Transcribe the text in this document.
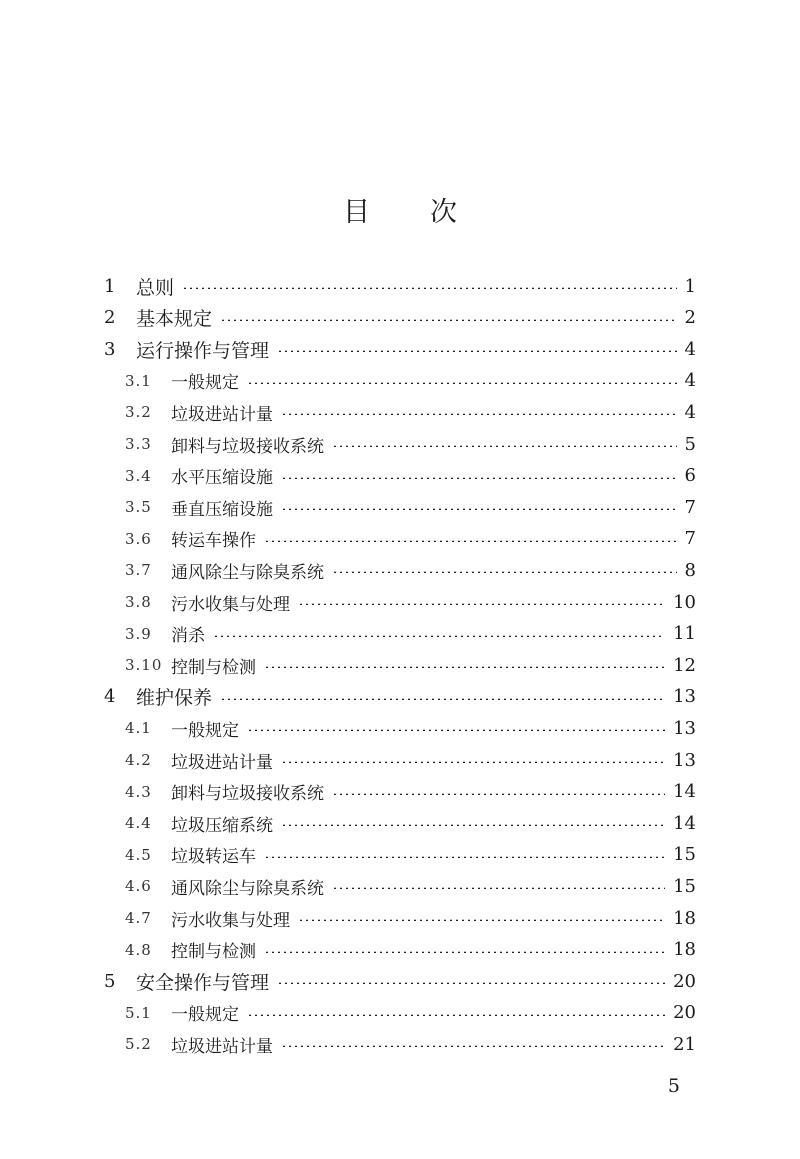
目 次
1 总则	1
2 基本规定	2
3 运行操作与管理	4
3.1 一般规定	4
3.2 垃圾进站计量	4
3.3 卸料与垃圾接收系统	5
3.4 水平压缩设施	6
3.5 垂直压缩设施	7
3.6 转运车操作	7
3.7 通风除尘与除臭系统	8
3.8 污水收集与处理	10
3.9 消杀	11
3.10 控制与检测	12
4 维护保养	13
4.1 一般规定	13
4.2 垃圾进站计量	13
4.3 卸料与垃圾接收系统	14
4.4 垃圾压缩系统	14
4.5 垃圾转运车	15
4.6 通风除尘与除臭系统	15
4.7 污水收集与处理	18
4.8 控制与检测	18
5 安全操作与管理	20
5.1 一般规定	20
5.2 垃圾进站计量	21
5
